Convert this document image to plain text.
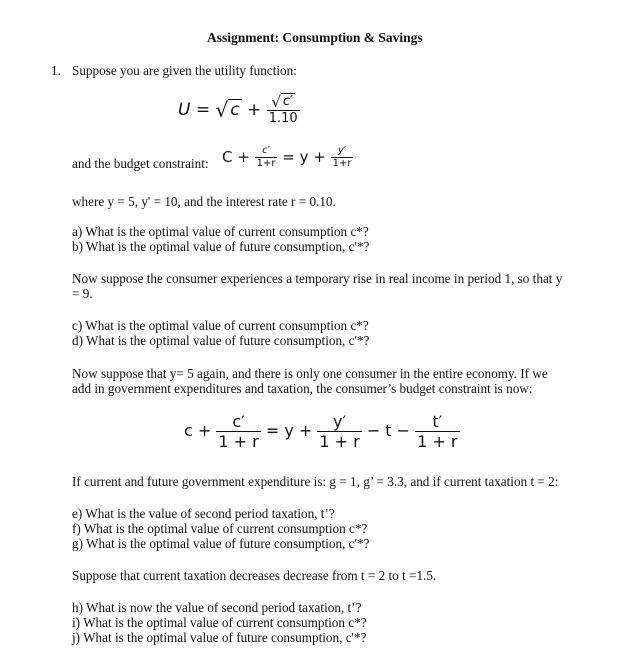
Assignment: Consumption & Savings
1. Suppose you are given the utility function:
U = √ $c + \frac{√ c'}{1.10}$
and the budget constraint: $C + \frac{c'}{1+r} = y + \frac{y'}{1+r}$
where y = 5, y' = 10, and the interest rate r = 0.10.
a) What is the optimal value of current consumption c*?
b) What is the optimal value of future consumption, c'*?
Now suppose the consumer experiences a temporary rise in real income in period 1, so that y
= 9.
c) What is the optimal value of current consumption c*?
d) What is the optimal value of future consumption, c'*?
Now suppose that y= 5 again, and there is only one consumer in the entire economy. If we
add in government expenditures and taxation, the consumer’s budget constraint is now:
$c + \frac{c'}{1 + r} = y + \frac{y'}{1 + r} - t - \frac{t'}{1 + r}$
If current and future government expenditure is: g = 1, g’ = 3.3, and if current taxation t = 2:
e) What is the value of second period taxation, t’?
f) What is the optimal value of current consumption c*?
g) What is the optimal value of future consumption, c'*?
Suppose that current taxation decreases decrease from t = 2 to t =1.5.
h) What is now the value of second period taxation, t’?
i) What is the optimal value of current consumption c*?
j) What is the optimal value of future consumption, c'*?
